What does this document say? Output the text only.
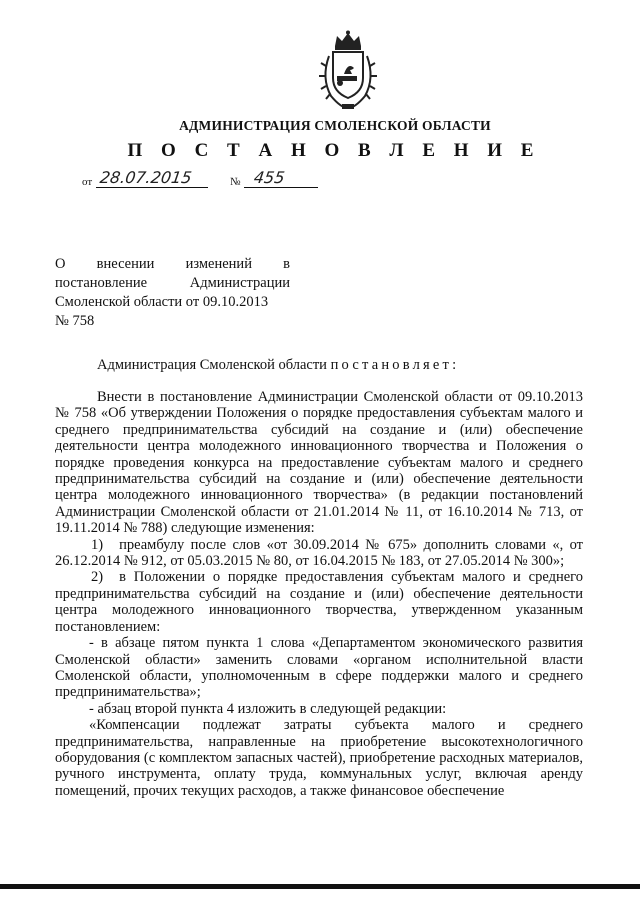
АДМИНИСТРАЦИЯ СМОЛЕНСКОЙ ОБЛАСТИ
П О С Т А Н О В Л Е Н И Е
от 28.07.2015	№ 455
О внесении изменений в
постановление Администрации
Смоленской области от 09.10.2013
№ 758
Администрация Смоленской области постановляет:

Внести в постановление Администрации Смоленской области от 09.10.2013 № 758 «Об утверждении Положения о порядке предоставления субъектам малого и среднего предпринимательства субсидий на создание и (или) обеспечение деятельности центра молодежного инновационного творчества и Положения о порядке проведения конкурса на предоставление субъектам малого и среднего предпринимательства субсидий на создание и (или) обеспечение деятельности центра молодежного инновационного творчества» (в редакции постановлений Администрации Смоленской области от 21.01.2014 № 11, от 16.10.2014 № 713, от 19.11.2014 № 788) следующие изменения:

1) преамбулу после слов «от 30.09.2014 № 675» дополнить словами «, от 26.12.2014 № 912, от 05.03.2015 № 80, от 16.04.2015 № 183, от 27.05.2014 № 300»;

2) в Положении о порядке предоставления субъектам малого и среднего предпринимательства субсидий на создание и (или) обеспечение деятельности центра молодежного инновационного творчества, утвержденном указанным постановлением:

- в абзаце пятом пункта 1 слова «Департаментом экономического развития Смоленской области» заменить словами «органом исполнительной власти Смоленской области, уполномоченным в сфере поддержки малого и среднего предпринимательства»;

- абзац второй пункта 4 изложить в следующей редакции:

«Компенсации подлежат затраты субъекта малого и среднего предпринимательства, направленные на приобретение высокотехнологичного оборудования (с комплектом запасных частей), приобретение расходных материалов, ручного инструмента, оплату труда, коммунальных услуг, включая аренду помещений, прочих текущих расходов, а также финансовое обеспечение
